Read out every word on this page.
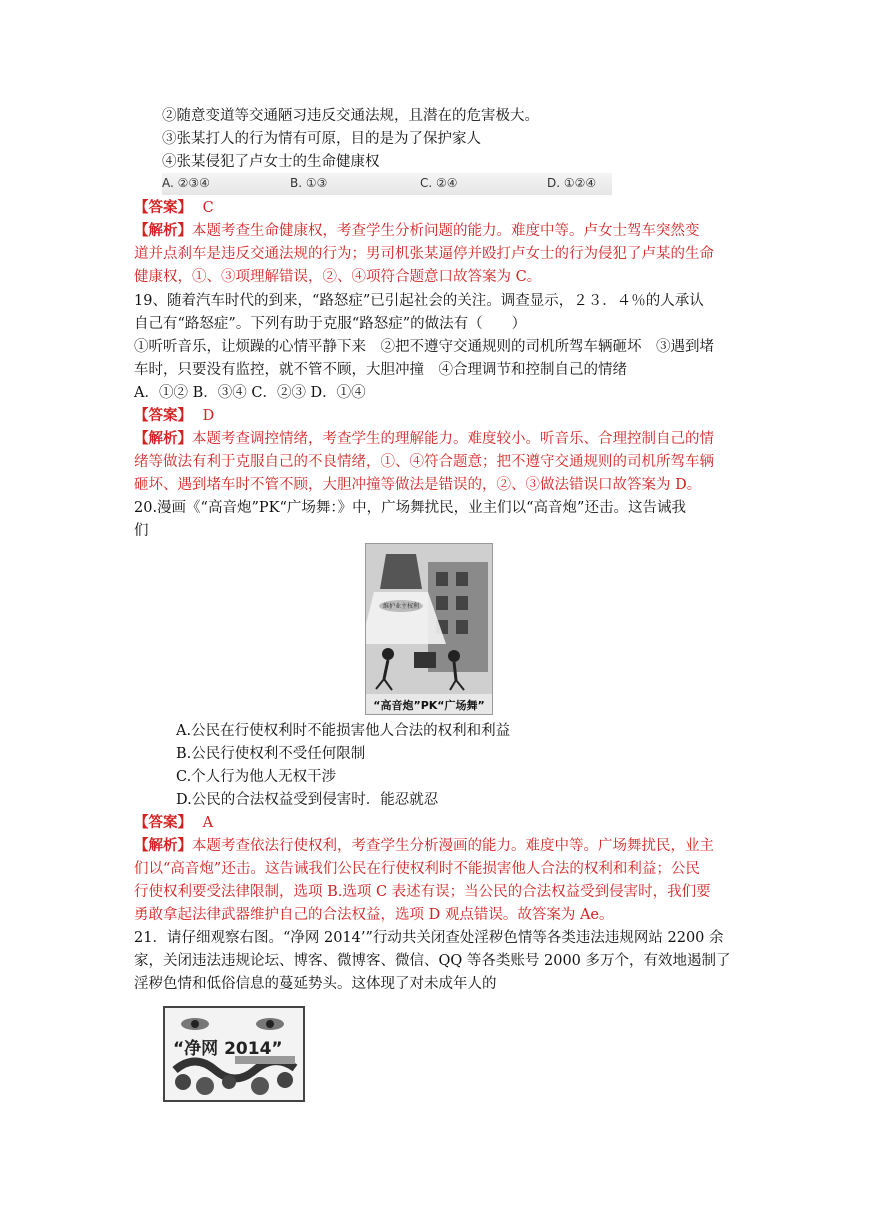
②随意变道等交通陋习违反交通法规，且潜在的危害极大。
③张某打人的行为情有可原，目的是为了保护家人
④张某侵犯了卢女士的生命健康权
A. ②③④	B. ①③	C. ②④	D. ①②④
【答案】 C
【解析】本题考查生命健康权，考查学生分析问题的能力。难度中等。卢女士驾车突然变
道并点刹车是违反交通法规的行为；男司机张某逼停并殴打卢女士的行为侵犯了卢某的生命
健康权，①、③项理解错误，②、④项符合题意口故答案为 C。
19、随着汽车时代的到来，“路怒症”已引起社会的关注。调查显示，２３．４％的人承认
自己有“路怒症”。下列有助于克服“路怒症”的做法有（　　）
①听听音乐，让烦躁的心情平静下来　②把不遵守交通规则的司机所驾车辆砸坏　③遇到堵
车时，只要没有监控，就不管不顾，大胆冲撞　④合理调节和控制自己的情绪
A．①② B．③④ C．②③ D．①④
【答案】 D
【解析】本题考查调控情绪，考查学生的理解能力。难度较小。听音乐、合理控制自己的情
绪等做法有利于克服自己的不良情绪，①、④符合题意；把不遵守交通规则的司机所驾车辆
砸坏、遇到堵车时不管不顾，大胆冲撞等做法是错误的，②、③做法错误口故答案为 D。
20.漫画《“高音炮”PK“广场舞：》中，广场舞扰民，业主们以“高音炮”还击。这告诫我
们
维护业主权利
“高音炮”PK“广场舞”
A.公民在行使权利时不能损害他人合法的权利和利益
B.公民行使权利不受任何限制
C.个人行为他人无权干涉
D.公民的合法权益受到侵害时．能忍就忍
【答案】 A
【解析】本题考查依法行使权利，考查学生分析漫画的能力。难度中等。广场舞扰民，业主
们以“高音炮”还击。这告诫我们公民在行使权利时不能损害他人合法的权利和利益；公民
行使权利要受法律限制，选项 B.选项 C 表述有误；当公民的合法权益受到侵害时，我们要
勇敢拿起法律武器维护自己的合法权益，选项 D 观点错误。故答案为 Ae。
21．请仔细观察右图。“净网 2014’”行动共关闭查处淫秽色情等各类违法违规网站 2200 余
家，关闭违法违规论坛、博客、微博客、微信、QQ 等各类账号 2000 多万个，有效地遏制了
淫秽色情和低俗信息的蔓延势头。这体现了对未成年人的
“净网 2014”
